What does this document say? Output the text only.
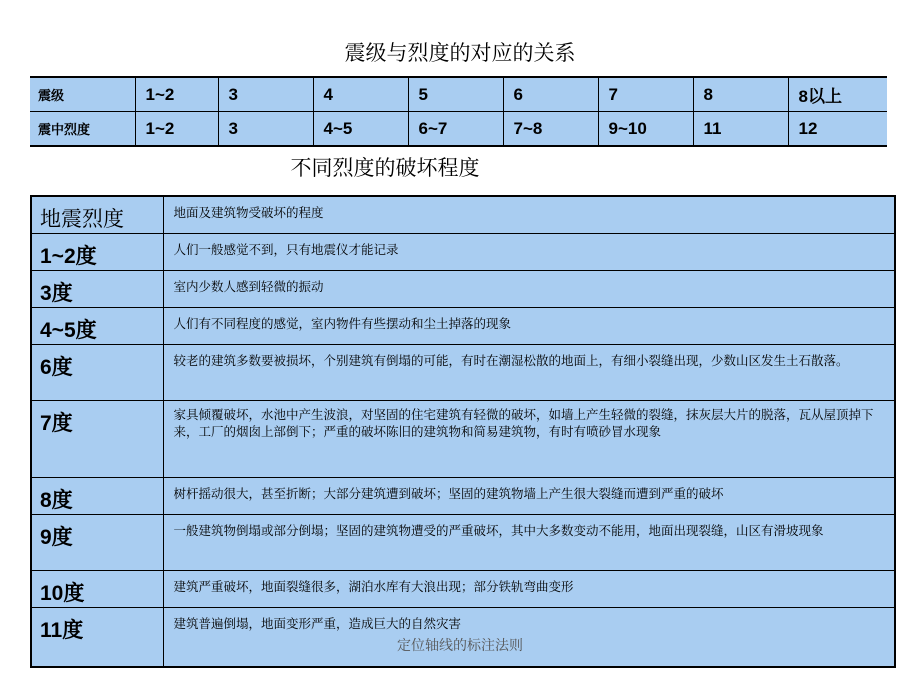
震级与烈度的对应的关系
震级	1~2	3	4	5	6	7	8	8以上
震中烈度	1~2	3	4~5	6~7	7~8	9~10	11	12
不同烈度的破坏程度
地震烈度	地面及建筑物受破坏的程度
1~2度	人们一般感觉不到，只有地震仪才能记录
3度	室内少数人感到轻微的振动
4~5度	人们有不同程度的感觉，室内物件有些摆动和尘土掉落的现象
6度	较老的建筑多数要被损坏，个别建筑有倒塌的可能，有时在潮湿松散的地面上，有细小裂缝出现，少数山区发生土石散落。
7度	家具倾覆破坏，水池中产生波浪，对坚固的住宅建筑有轻微的破坏，如墙上产生轻微的裂缝，抹灰层大片的脱落，瓦从屋顶掉下来，工厂的烟囱上部倒下；严重的破坏陈旧的建筑物和简易建筑物，有时有喷砂冒水现象
8度	树杆摇动很大，甚至折断；大部分建筑遭到破坏；坚固的建筑物墙上产生很大裂缝而遭到严重的破坏
9度	一般建筑物倒塌或部分倒塌；坚固的建筑物遭受的严重破坏，其中大多数变动不能用，地面出现裂缝，山区有滑坡现象
10度	建筑严重破坏，地面裂缝很多，湖泊水库有大浪出现；部分铁轨弯曲变形
11度	建筑普遍倒塌，地面变形严重，造成巨大的自然灾害
定位轴线的标注法则
